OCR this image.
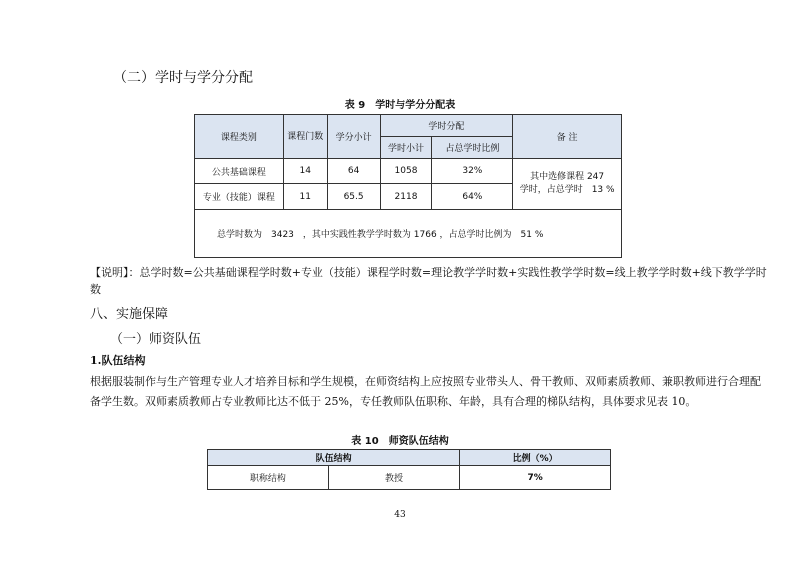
（二）学时与学分分配
表 9　学时与学分分配表
课程类别	课程门数	学分小计	学时分配		备 注
			学时小计	占总学时比例	
公共基础课程	14	64	1058	32%	其中选修课程 247
学时，占总学时　13 %

专业（技能）课程	11	65.5	2118	64%	
总学时数为　3423　，其中实践性教学学时数为 1766 ，占总学时比例为　51 %					
【说明】：总学时数=公共基础课程学时数+专业（技能）课程学时数=理论教学学时数+实践性教学学时数=线上教学学时数+线下教学学时数
八、实施保障
（一）师资队伍
1.队伍结构
根据服装制作与生产管理专业人才培养目标和学生规模，在师资结构上应按照专业带头人、骨干教师、双师素质教师、兼职教师进行合理配备学生数。双师素质教师占专业教师比达不低于 25%，专任教师队伍职称、年龄，具有合理的梯队结构，具体要求见表 10。
表 10　师资队伍结构
队伍结构		比例（%）
职称结构	教授	7%
43
